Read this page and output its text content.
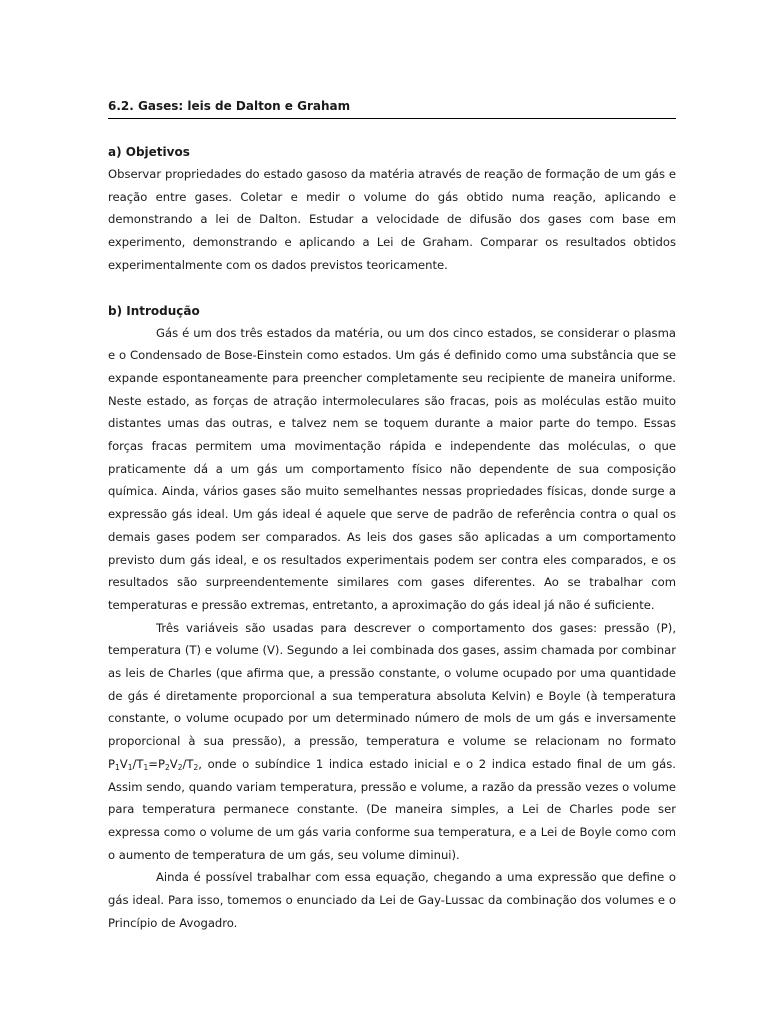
6.2. Gases: leis de Dalton e Graham
a) Objetivos

Observar propriedades do estado gasoso da matéria através de reação de formação de um gás e reação entre gases. Coletar e medir o volume do gás obtido numa reação, aplicando e demonstrando a lei de Dalton. Estudar a velocidade de difusão dos gases com base em experimento, demonstrando e aplicando a Lei de Graham. Comparar os resultados obtidos experimentalmente com os dados previstos teoricamente.

b) Introdução

Gás é um dos três estados da matéria, ou um dos cinco estados, se considerar o plasma e o Condensado de Bose-Einstein como estados. Um gás é definido como uma substância que se expande espontaneamente para preencher completamente seu recipiente de maneira uniforme. Neste estado, as forças de atração intermoleculares são fracas, pois as moléculas estão muito distantes umas das outras, e talvez nem se toquem durante a maior parte do tempo. Essas forças fracas permitem uma movimentação rápida e independente das moléculas, o que praticamente dá a um gás um comportamento físico não dependente de sua composição química. Ainda, vários gases são muito semelhantes nessas propriedades físicas, donde surge a expressão gás ideal. Um gás ideal é aquele que serve de padrão de referência contra o qual os demais gases podem ser comparados. As leis dos gases são aplicadas a um comportamento previsto dum gás ideal, e os resultados experimentais podem ser contra eles comparados, e os resultados são surpreendentemente similares com gases diferentes. Ao se trabalhar com temperaturas e pressão extremas, entretanto, a aproximação do gás ideal já não é suficiente.

Três variáveis são usadas para descrever o comportamento dos gases: pressão (P), temperatura (T) e volume (V). Segundo a lei combinada dos gases, assim chamada por combinar as leis de Charles (que afirma que, a pressão constante, o volume ocupado por uma quantidade de gás é diretamente proporcional a sua temperatura absoluta Kelvin) e Boyle (à temperatura constante, o volume ocupado por um determinado número de mols de um gás e inversamente proporcional à sua pressão), a pressão, temperatura e volume se relacionam no formato $P_1V_1/T_1=P_2V_2/T_2$, onde o subíndice 1 indica estado inicial e o 2 indica estado final de um gás. Assim sendo, quando variam temperatura, pressão e volume, a razão da pressão vezes o volume para temperatura permanece constante. (De maneira simples, a Lei de Charles pode ser expressa como o volume de um gás varia conforme sua temperatura, e a Lei de Boyle como com o aumento de temperatura de um gás, seu volume diminui).

Ainda é possível trabalhar com essa equação, chegando a uma expressão que define o gás ideal. Para isso, tomemos o enunciado da Lei de Gay-Lussac da combinação dos volumes e o Princípio de Avogadro.
